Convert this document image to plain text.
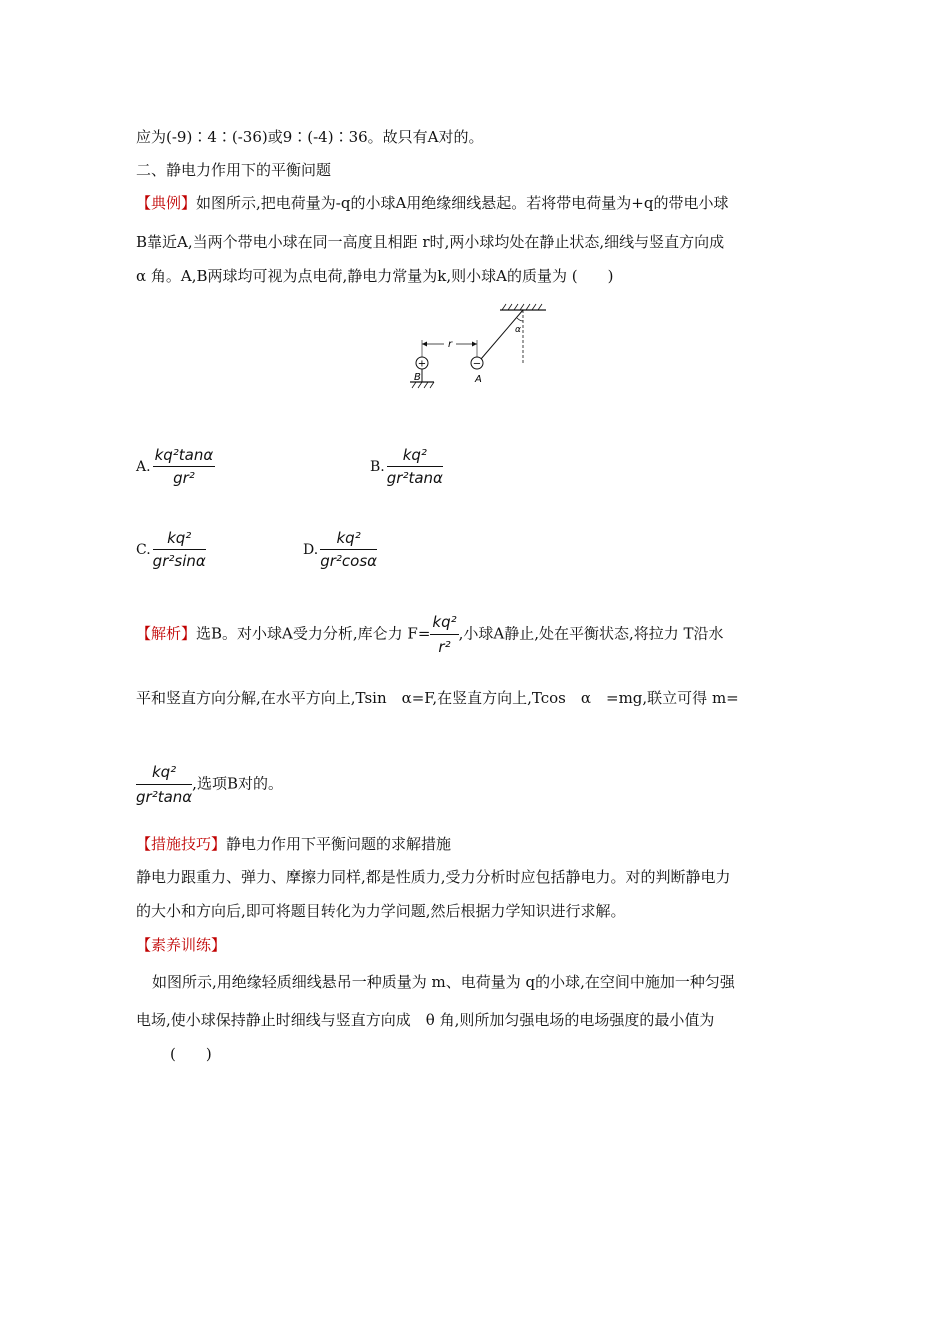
应为(-9)∶4∶(-36)或9∶(-4)∶36。故只有A对的。
二、静电力作用下的平衡问题
【典例】如图所示,把电荷量为-q的小球A用绝缘细线悬起。若将带电荷量为+q的带电小球
B靠近A,当两个带电小球在同一高度且相距 r时,两小球均处在静止状态,细线与竖直方向成
α 角。A,B两球均可视为点电荷,静电力常量为k,则小球A的质量为 (　　)
−
+
r
α
B	A
A. $\frac{\text{kq²tanα}}{\text{gr²}}$	B. $\frac{\text{kq²}}{\text{gr²tanα}}$
C. $\frac{\text{kq²}}{\text{gr²sinα}}$	D. $\frac{\text{kq²}}{\text{gr²cosα}}$
【解析】选B。对小球A受力分析,库仑力 $F= \frac{\text{kq²}}{\text{r²}}$ ,小球A静止,处在平衡状态,将拉力 T沿水
平和竖直方向分解,在水平方向上,Tsin　α=F,在竖直方向上,Tcos　α　=mg,联立可得 m=
$\frac{\text{kq²}}{\text{gr²tanα}}$ ,选项B对的。
【措施技巧】静电力作用下平衡问题的求解措施
静电力跟重力、弹力、摩擦力同样,都是性质力,受力分析时应包括静电力。对的判断静电力
的大小和方向后,即可将题目转化为力学问题,然后根据力学知识进行求解。
【素养训练】
如图所示,用绝缘轻质细线悬吊一种质量为 m、电荷量为 q的小球,在空间中施加一种匀强
电场,使小球保持静止时细线与竖直方向成　θ 角,则所加匀强电场的电场强度的最小值为
(　　)
